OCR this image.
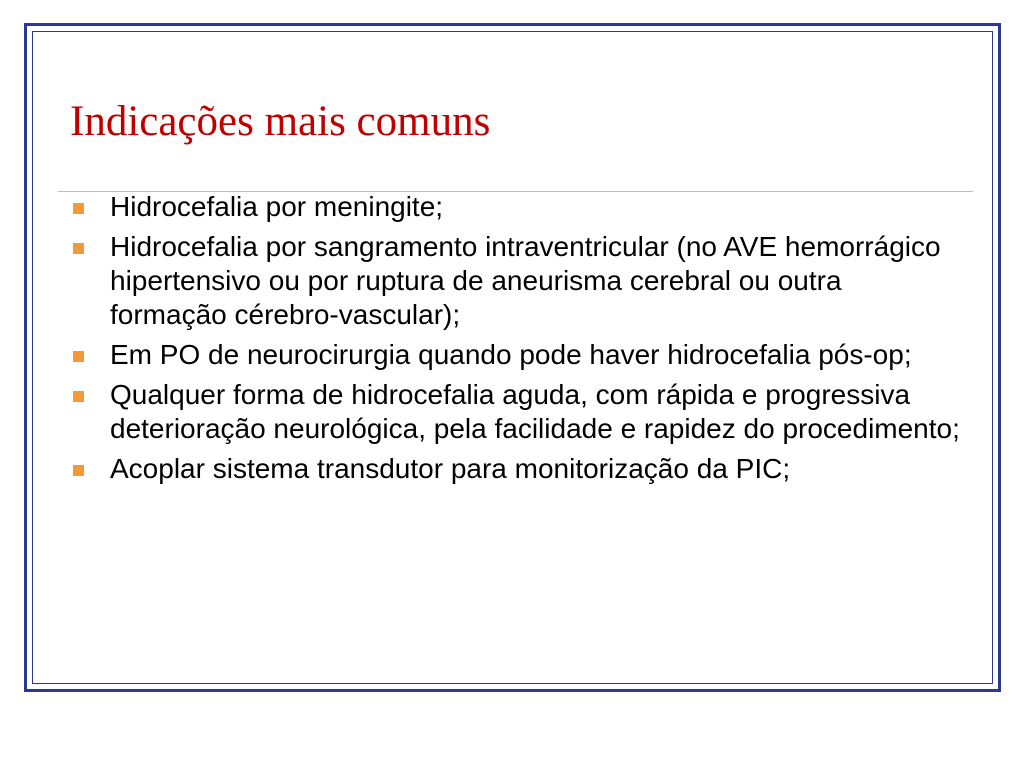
Indicações mais comuns
Hidrocefalia por meningite;
Hidrocefalia por sangramento intraventricular (no AVE hemorrágico hipertensivo ou por ruptura de aneurisma cerebral ou outra formação cérebro-vascular);
Em PO de neurocirurgia quando pode haver hidrocefalia pós-op;
Qualquer forma de hidrocefalia aguda, com rápida e progressiva deterioração neurológica, pela facilidade e rapidez do procedimento;
Acoplar sistema transdutor para monitorização da PIC;
